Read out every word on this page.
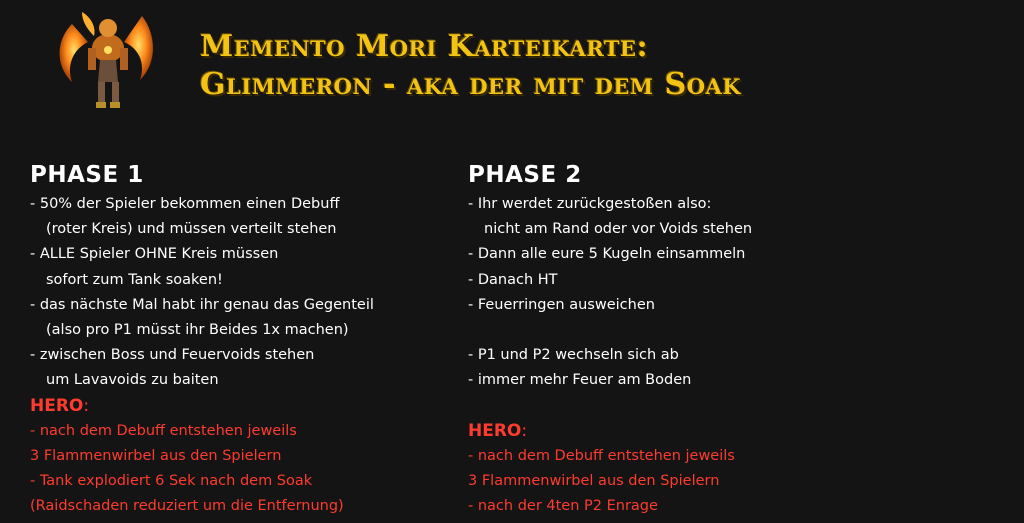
Memento Mori Karteikarte:
Glimmeron - aka der mit dem Soak
PHASE 1
- 50% der Spieler bekommen einen Debuff
(roter Kreis) und müssen verteilt stehen
- ALLE Spieler OHNE Kreis müssen
sofort zum Tank soaken!
- das nächste Mal habt ihr genau das Gegenteil
(also pro P1 müsst ihr Beides 1x machen)
- zwischen Boss und Feuervoids stehen
um Lavavoids zu baiten
HERO:
- nach dem Debuff entstehen jeweils
3 Flammenwirbel aus den Spielern
- Tank explodiert 6 Sek nach dem Soak
(Raidschaden reduziert um die Entfernung)
PHASE 2
- Ihr werdet zurückgestoßen also:
nicht am Rand oder vor Voids stehen
- Dann alle eure 5 Kugeln einsammeln
- Danach HT
- Feuerringen ausweichen
- P1 und P2 wechseln sich ab
- immer mehr Feuer am Boden
HERO:
- nach dem Debuff entstehen jeweils
3 Flammenwirbel aus den Spielern
- nach der 4ten P2 Enrage
